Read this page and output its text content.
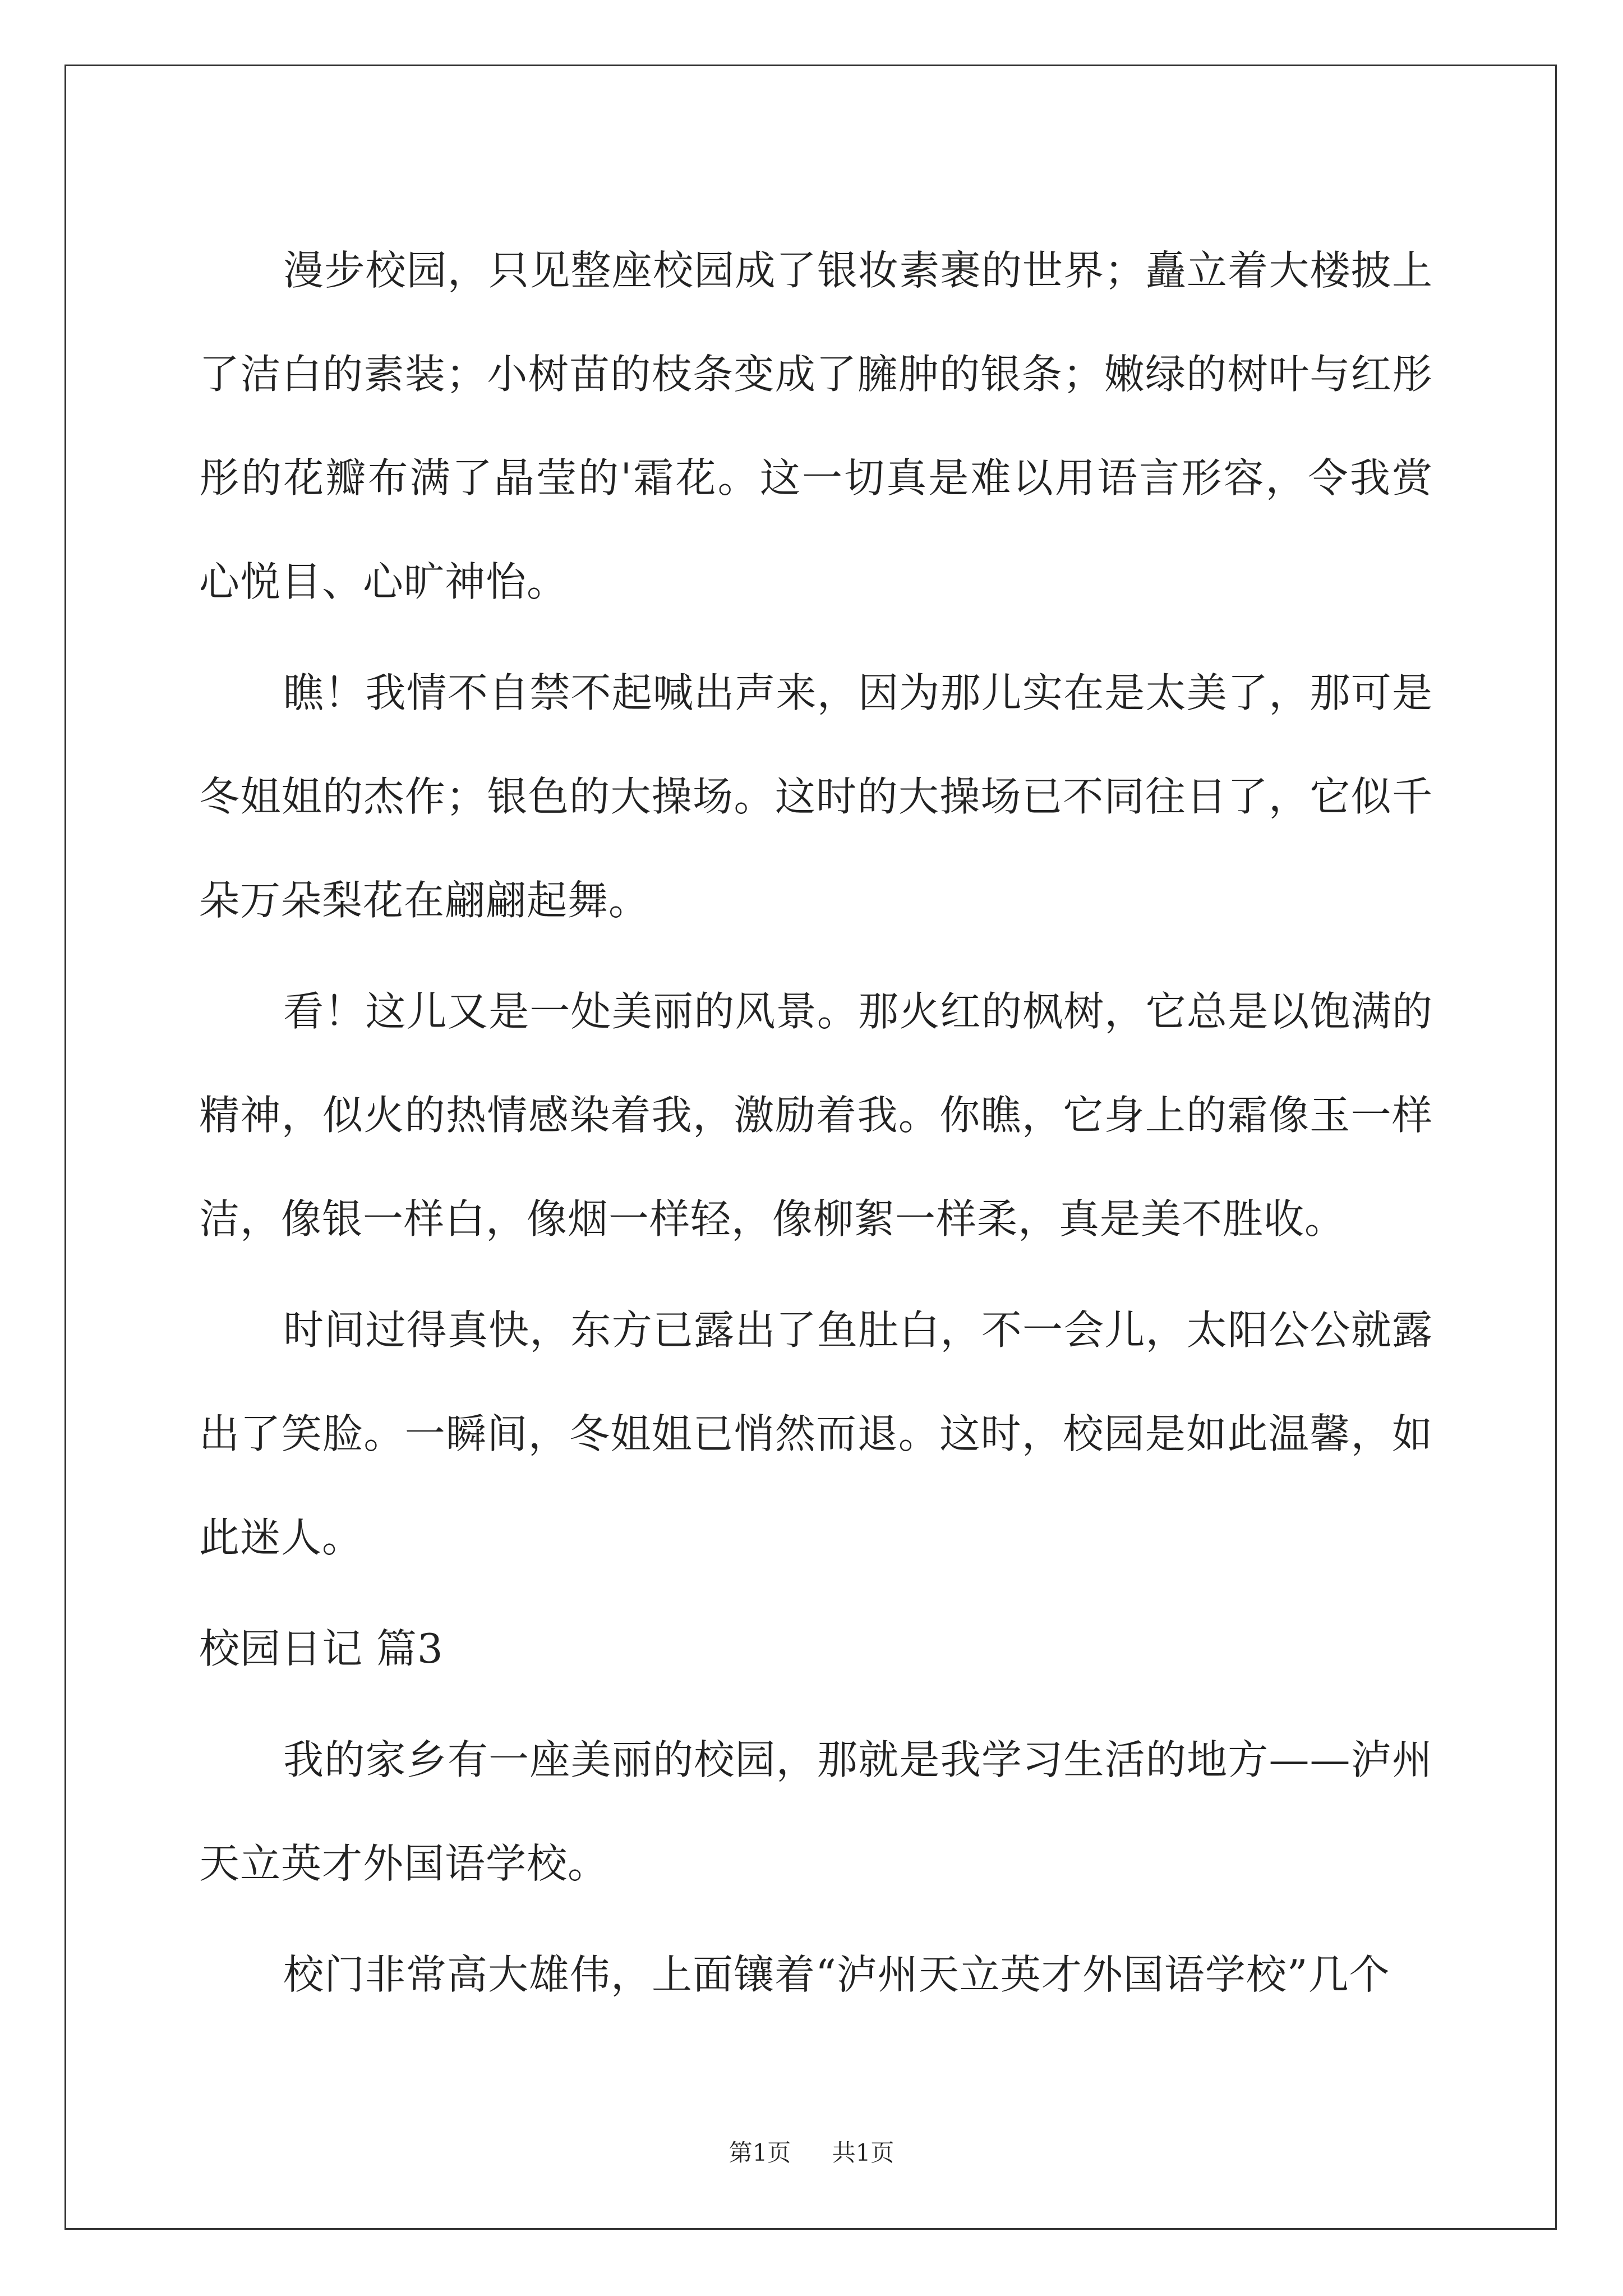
漫步校园，只见整座校园成了银妆素裹的世界；矗立着大楼披上了洁白的素装；小树苗的枝条变成了臃肿的银条；嫩绿的树叶与红彤彤的花瓣布满了晶莹的'霜花。这一切真是难以用语言形容，令我赏心悦目、心旷神怡。

瞧！我情不自禁不起喊出声来，因为那儿实在是太美了，那可是冬姐姐的杰作；银色的大操场。这时的大操场已不同往日了，它似千朵万朵梨花在翩翩起舞。

看！这儿又是一处美丽的风景。那火红的枫树，它总是以饱满的精神，似火的热情感染着我，激励着我。你瞧，它身上的霜像玉一样洁，像银一样白，像烟一样轻，像柳絮一样柔，真是美不胜收。

时间过得真快，东方已露出了鱼肚白，不一会儿，太阳公公就露出了笑脸。一瞬间，冬姐姐已悄然而退。这时，校园是如此温馨，如此迷人。

校园日记 篇3

我的家乡有一座美丽的校园，那就是我学习生活的地方——泸州天立英才外国语学校。

校门非常高大雄伟，上面镶着“泸州天立英才外国语学校”几个

第1页 共1页
